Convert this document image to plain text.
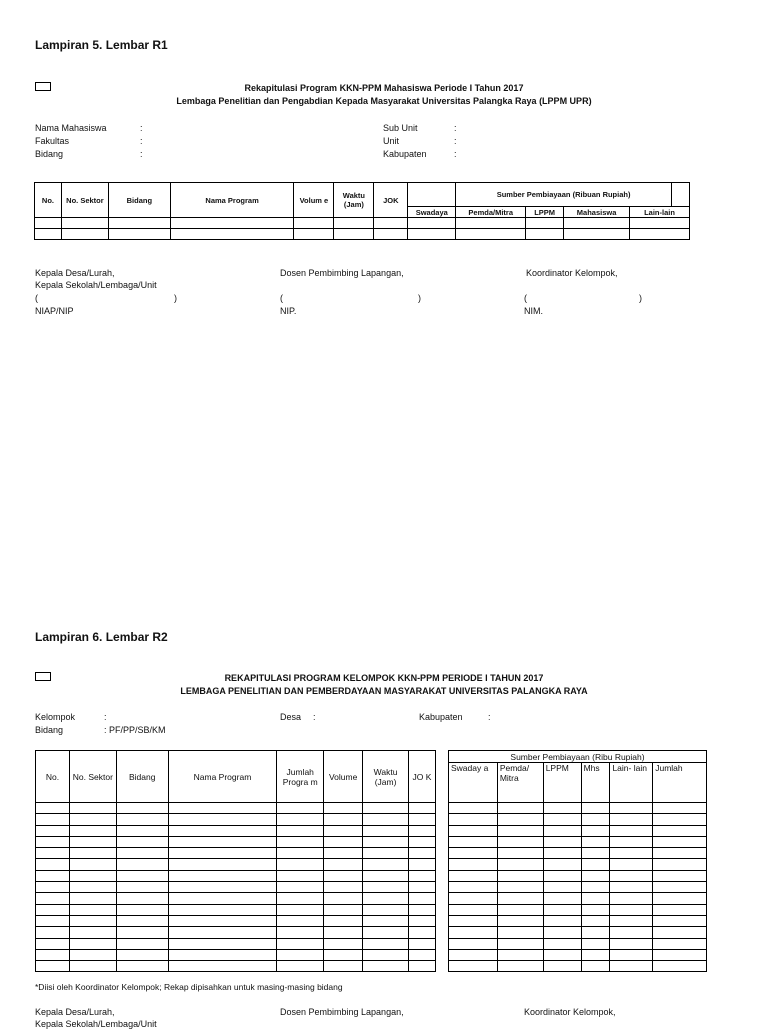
Lampiran 5. Lembar R1
Rekapitulasi Program KKN-PPM Mahasiswa Periode I Tahun 2017
Lembaga Penelitian dan Pengabdian Kepada Masyarakat Universitas Palangka Raya (LPPM UPR)
Nama Mahasiswa	:
Fakultas	:
Bidang	:
Sub Unit	:
Unit	:
Kabupaten	:
No.	No. Sektor	Bidang	Nama Program	Volum e	Waktu (Jam)	JOK		Sumber Pembiayaan (Ribuan Rupiah)				
							Swadaya	Pemda/Mitra	LPPM	Mahasiswa	Lain-lain	

Kepala Desa/Lurah,
Kepala Sekolah/Lembaga/Unit
(	)
NIAP/NIP
Dosen Pembimbing Lapangan,
(	)
NIP.
Koordinator Kelompok,
(	)
NIM.
Lampiran 6. Lembar R2
REKAPITULASI PROGRAM KELOMPOK KKN-PPM PERIODE I TAHUN 2017
LEMBAGA PENELITIAN DAN PEMBERDAYAAN MASYARAKAT UNIVERSITAS PALANGKA RAYA
Kelompok	:	Desa :	Kabupaten	:
Bidang	: PF/PP/SB/KM
No.	No. Sektor	Bidang	Nama Program	Jumlah Progra m	Volume	Waktu (Jam)	JO K

Sumber Pembiayaan (Ribu Rupiah)					
Swaday a	Pemda/ Mitra	LPPM	Mhs	Lain- lain	Jumlah

*Diisi oleh Koordinator Kelompok; Rekap dipisahkan untuk masing-masing bidang
Kepala Desa/Lurah,
Kepala Sekolah/Lembaga/Unit
Dosen Pembimbing Lapangan,	Koordinator Kelompok,
